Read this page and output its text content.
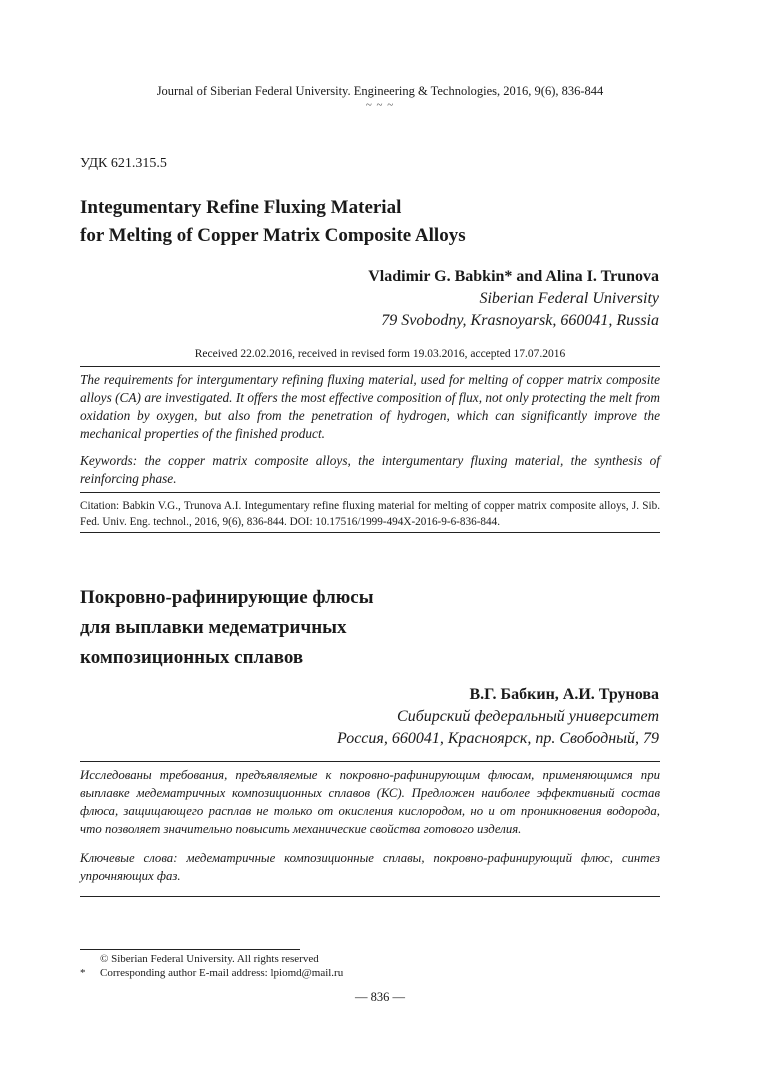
Journal of Siberian Federal University. Engineering & Technologies, 2016, 9(6), 836-844
~ ~ ~
УДК 621.315.5
Integumentary Refine Fluxing Material
for Melting of Copper Matrix Composite Alloys
Vladimir G. Babkin* and Alina I. Trunova
Siberian Federal University
79 Svobodny, Krasnoyarsk, 660041, Russia
Received 22.02.2016, received in revised form 19.03.2016, accepted 17.07.2016

The requirements for intergumentary refining fluxing material, used for melting of copper matrix composite alloys (CA) are investigated. It offers the most effective composition of flux, not only protecting the melt from oxidation by oxygen, but also from the penetration of hydrogen, which can significantly improve the mechanical properties of the finished product.

Keywords: the copper matrix composite alloys, the intergumentary fluxing material, the synthesis of reinforcing phase.

Citation: Babkin V.G., Trunova A.I. Integumentary refine fluxing material for melting of copper matrix composite alloys, J. Sib. Fed. Univ. Eng. technol., 2016, 9(6), 836-844. DOI: 10.17516/1999-494X-2016-9-6-836-844.
Покровно-рафинирующие флюсы
для выплавки медематричных
композиционных сплавов
В.Г. Бабкин, А.И. Трунова
Сибирский федеральный университет
Россия, 660041, Красноярск, пр. Свободный, 79

Исследованы требования, предъявляемые к покровно-рафинирующим флюсам, применяющимся при выплавке медематричных композиционных сплавов (КС). Предложен наиболее эффективный состав флюса, защищающего расплав не только от окисления кислородом, но и от проникновения водорода, что позволяет значительно повысить механические свойства готового изделия.

Ключевые слова: медематричные композиционные сплавы, покровно-рафинирующий флюс, синтез упрочняющих фаз.

© Siberian Federal University. All rights reserved
* Corresponding author E-mail address: lpiomd@mail.ru
— 836 —
